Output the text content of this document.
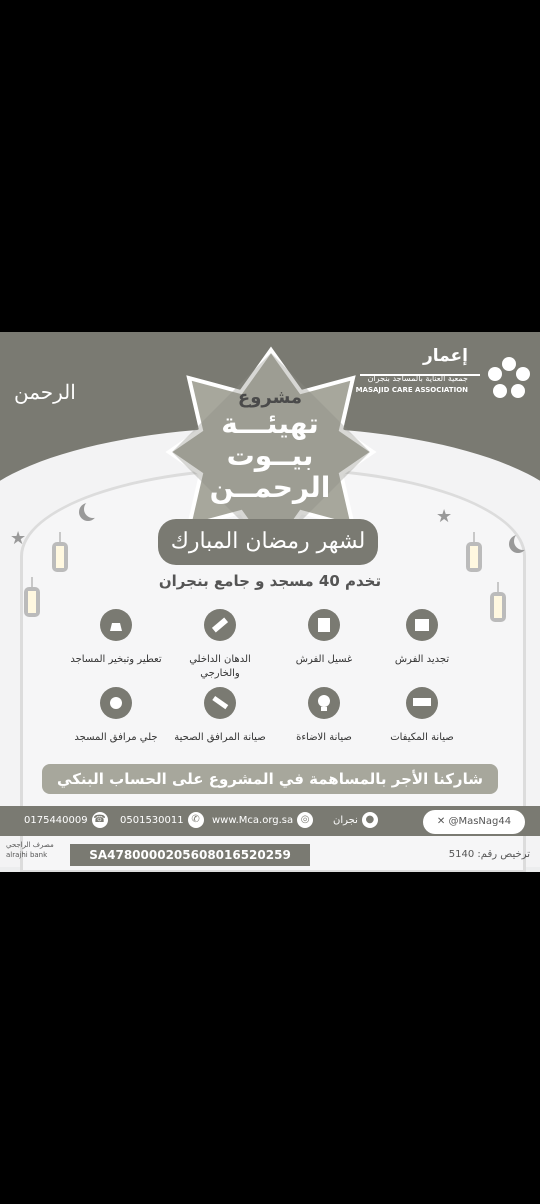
الرحمن
إعمار
جمعية العناية بالمساجد بنجران
MASAJID CARE ASSOCIATION
مشروع
تهيئـــة
بيــوت
الرحمــن
لشهر رمضان المبارك
تخدم 40 مسجد و جامع بنجران
★
★
تجديد الفرش
غسيل الفرش
الدهان الداخلي والخارجي
تعطير وتبخير المساجد
صيانة المكيفات
صيانة الاضاءة
صيانة المرافق الصحية
جلي مرافق المسجد
شاركنا الأجر بالمساهمة في المشروع على الحساب البنكي
✕ @MasNag44
نجران ●
www.Mca.org.sa ◎
0501530011 ✆
0175440009 ☎
مصرف الراجحي
alrajhi bank	SA4780000205608016520259	ترخيص رقم: 5140
